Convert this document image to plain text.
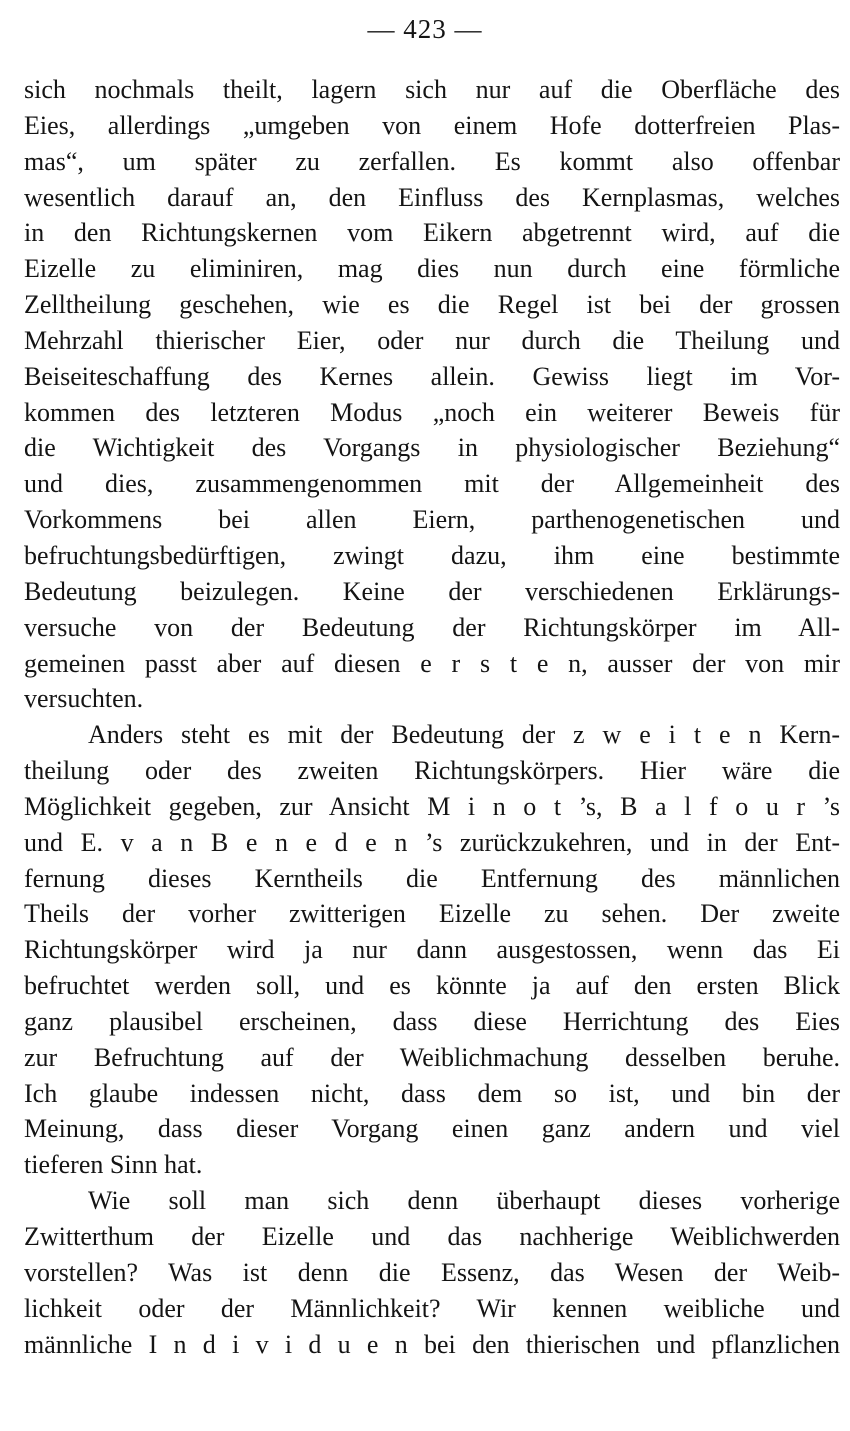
— 423 —
sich nochmals theilt, lagern sich nur auf die Oberfläche des
Eies, allerdings „umgeben von einem Hofe dotterfreien Plas-
mas“, um später zu zerfallen. Es kommt also offenbar
wesentlich darauf an, den Einfluss des Kernplasmas, welches
in den Richtungskernen vom Eikern abgetrennt wird, auf die
Eizelle zu eliminiren, mag dies nun durch eine förmliche
Zelltheilung geschehen, wie es die Regel ist bei der grossen
Mehrzahl thierischer Eier, oder nur durch die Theilung und
Beiseiteschaffung des Kernes allein. Gewiss liegt im Vor-
kommen des letzteren Modus „noch ein weiterer Beweis für
die Wichtigkeit des Vorgangs in physiologischer Beziehung“
und dies, zusammengenommen mit der Allgemeinheit des
Vorkommens bei allen Eiern, parthenogenetischen und
befruchtungsbedürftigen, zwingt dazu, ihm eine bestimmte
Bedeutung beizulegen. Keine der verschiedenen Erklärungs-
versuche von der Bedeutung der Richtungskörper im All-
gemeinen passt aber auf diesen e r s t e n, ausser der von mir
versuchten.
Anders steht es mit der Bedeutung der z w e i t e n Kern-
theilung oder des zweiten Richtungskörpers. Hier wäre die
Möglichkeit gegeben, zur Ansicht M i n o t ’s, B a l f o u r ’s
und E. v a n B e n e d e n ’s zurückzukehren, und in der Ent-
fernung dieses Kerntheils die Entfernung des männlichen
Theils der vorher zwitterigen Eizelle zu sehen. Der zweite
Richtungskörper wird ja nur dann ausgestossen, wenn das Ei
befruchtet werden soll, und es könnte ja auf den ersten Blick
ganz plausibel erscheinen, dass diese Herrichtung des Eies
zur Befruchtung auf der Weiblichmachung desselben beruhe.
Ich glaube indessen nicht, dass dem so ist, und bin der
Meinung, dass dieser Vorgang einen ganz andern und viel
tieferen Sinn hat.
Wie soll man sich denn überhaupt dieses vorherige
Zwitterthum der Eizelle und das nachherige Weiblichwerden
vorstellen? Was ist denn die Essenz, das Wesen der Weib-
lichkeit oder der Männlichkeit? Wir kennen weibliche und
männliche I n d i v i d u e n bei den thierischen und pflanzlichen
